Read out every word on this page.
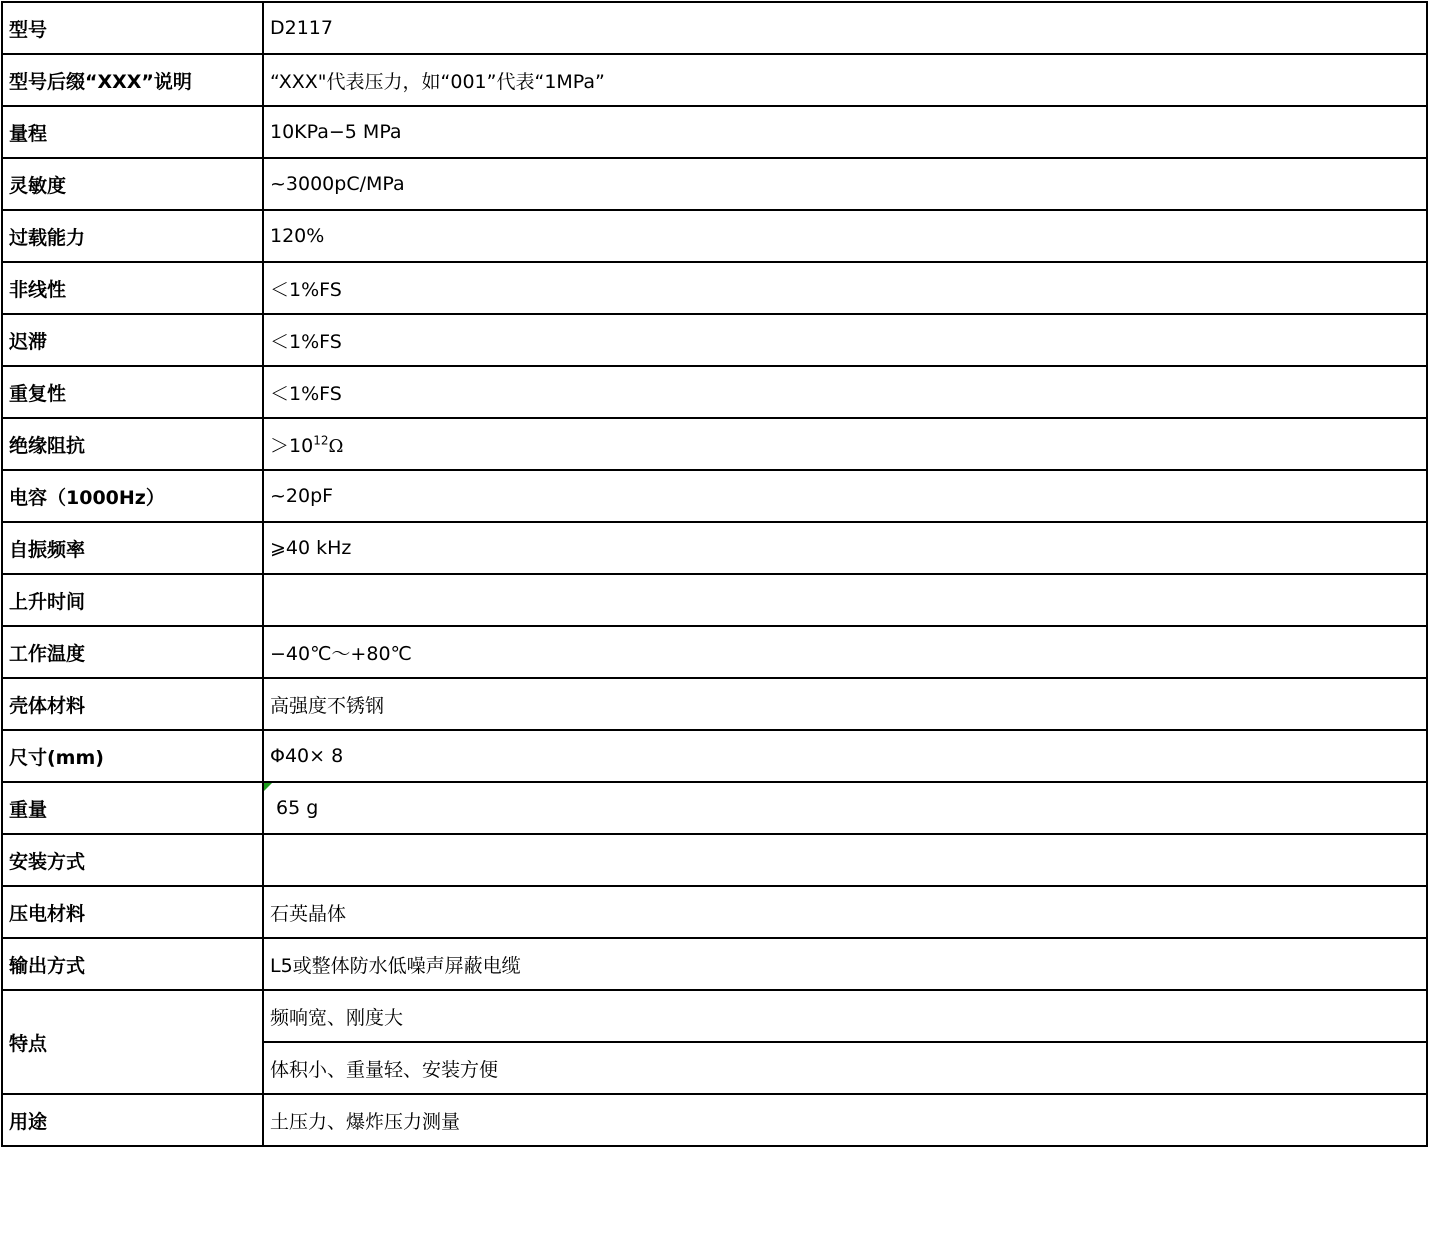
型号	D2117
型号后缀“XXX”说明	“XXX"代表压力，如“001”代表“1MPa”
量程	10KPa−5 MPa
灵敏度	~3000pC/MPa
过载能力	120%
非线性	＜1%FS
迟滞	＜1%FS
重复性	＜1%FS
绝缘阻抗	$>10^{12}\Omega$
电容（1000Hz）	~20pF
自振频率	⩾40 kHz
上升时间	
工作温度	−40℃～+80℃
壳体材料	高强度不锈钢
尺寸(mm)	Φ40× 8
重量	65 g
安装方式	
压电材料	石英晶体
输出方式	L5或整体防水低噪声屏蔽电缆
特点	频响宽、刚度大
	体积小、重量轻、安装方便
用途	土压力、爆炸压力测量
